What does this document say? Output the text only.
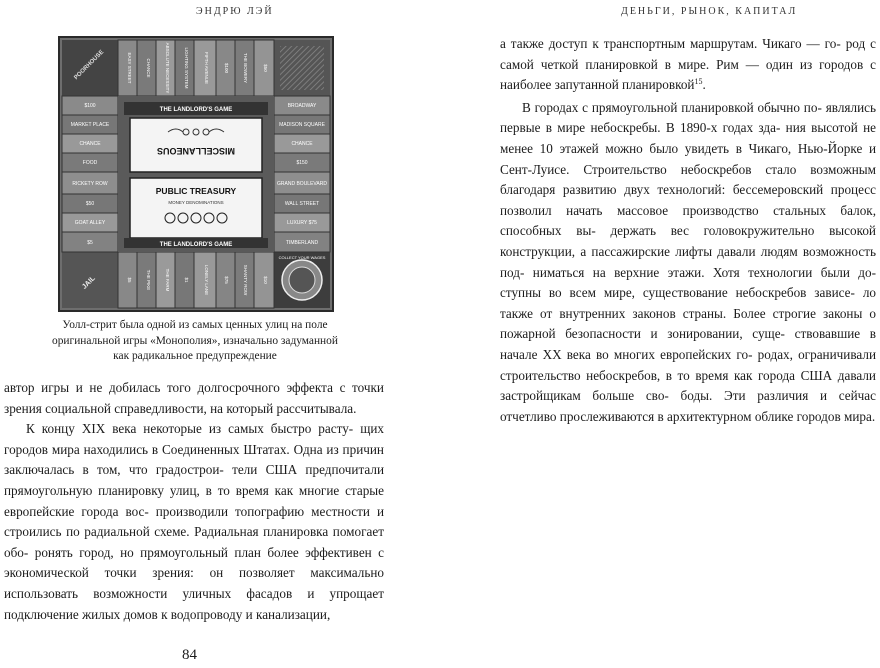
ЭНДРЮ ЛЭЙ	ДЕНЬГИ, РЫНОК, КАПИТАЛ
POORHOUSE
JAIL
COLLECT YOUR WAGES
EASY STREET	CHANCE	ABSOLUTE NECESSITY	LIGHTING SYSTEM	FIFTH AVENUE	$100	THE BOWERY	$50
$5	THE PIKE	THE FARM	$1	LONELY LANE	$75	SHANTY ROW	$10
$100
MARKET PLACE
CHANCE
FOOD
RICKETY ROW
$50
GOAT ALLEY
$5
BROADWAY
MADISON SQUARE
CHANCE
$150
GRAND BOULEVARD
WALL STREET
LUXURY $75
TIMBERLAND
THE LANDLORD'S GAME
MISCELLANEOUS
PUBLIC TREASURY
MONEY DENOMINATIONS
THE LANDLORD'S GAME
Уолл-стрит была одной из самых ценных улиц на поле
оригинальной игры «Монополия», изначально задуманной
как радикальное предупреждение

автор игры и не добилась того долгосрочного эффекта с точки зрения социальной справедливости, на который рассчитывала.

К концу XIX века некоторые из самых быстро расту- щих городов мира находились в Соединенных Штатах. Одна из причин заключалась в том, что градострои- тели США предпочитали прямоугольную планировку улиц, в то время как многие старые европейские города вос- производили топографию местности и строились по радиальной схеме. Радиальная планировка помогает обо- ронять город, но прямоугольный план более эффективен с экономической точки зрения: он позволяет максимально использовать возможности уличных фасадов и упрощает подключение жилых домов к водопроводу и канализации,

84

а также доступ к транспортным маршрутам. Чикаго — го- род с самой четкой планировкой в мире. Рим — один из городов с наиболее запутанной планировкой$^{15}$.

В городах с прямоугольной планировкой обычно по- являлись первые в мире небоскребы. В 1890-х годах зда- ния высотой не менее 10 этажей можно было увидеть в Чикаго, Нью-Йорке и Сент-Луисе. Строительство небоскребов стало возможным благодаря развитию двух технологий: бессемеровский процесс позволил начать массовое производство стальных балок, способных вы- держать вес головокружительно высокой конструкции, а пассажирские лифты давали людям возможность под- ниматься на верхние этажи. Хотя технологии были до- ступны во всем мире, существование небоскребов зависе- ло также от внутренних законов страны. Более строгие законы о пожарной безопасности и зонировании, суще- ствовавшие в начале XX века во многих европейских го- родах, ограничивали строительство небоскребов, в то время как города США давали застройщикам больше сво- боды. Эти различия и сейчас отчетливо прослеживаются в архитектурном облике городов мира.
